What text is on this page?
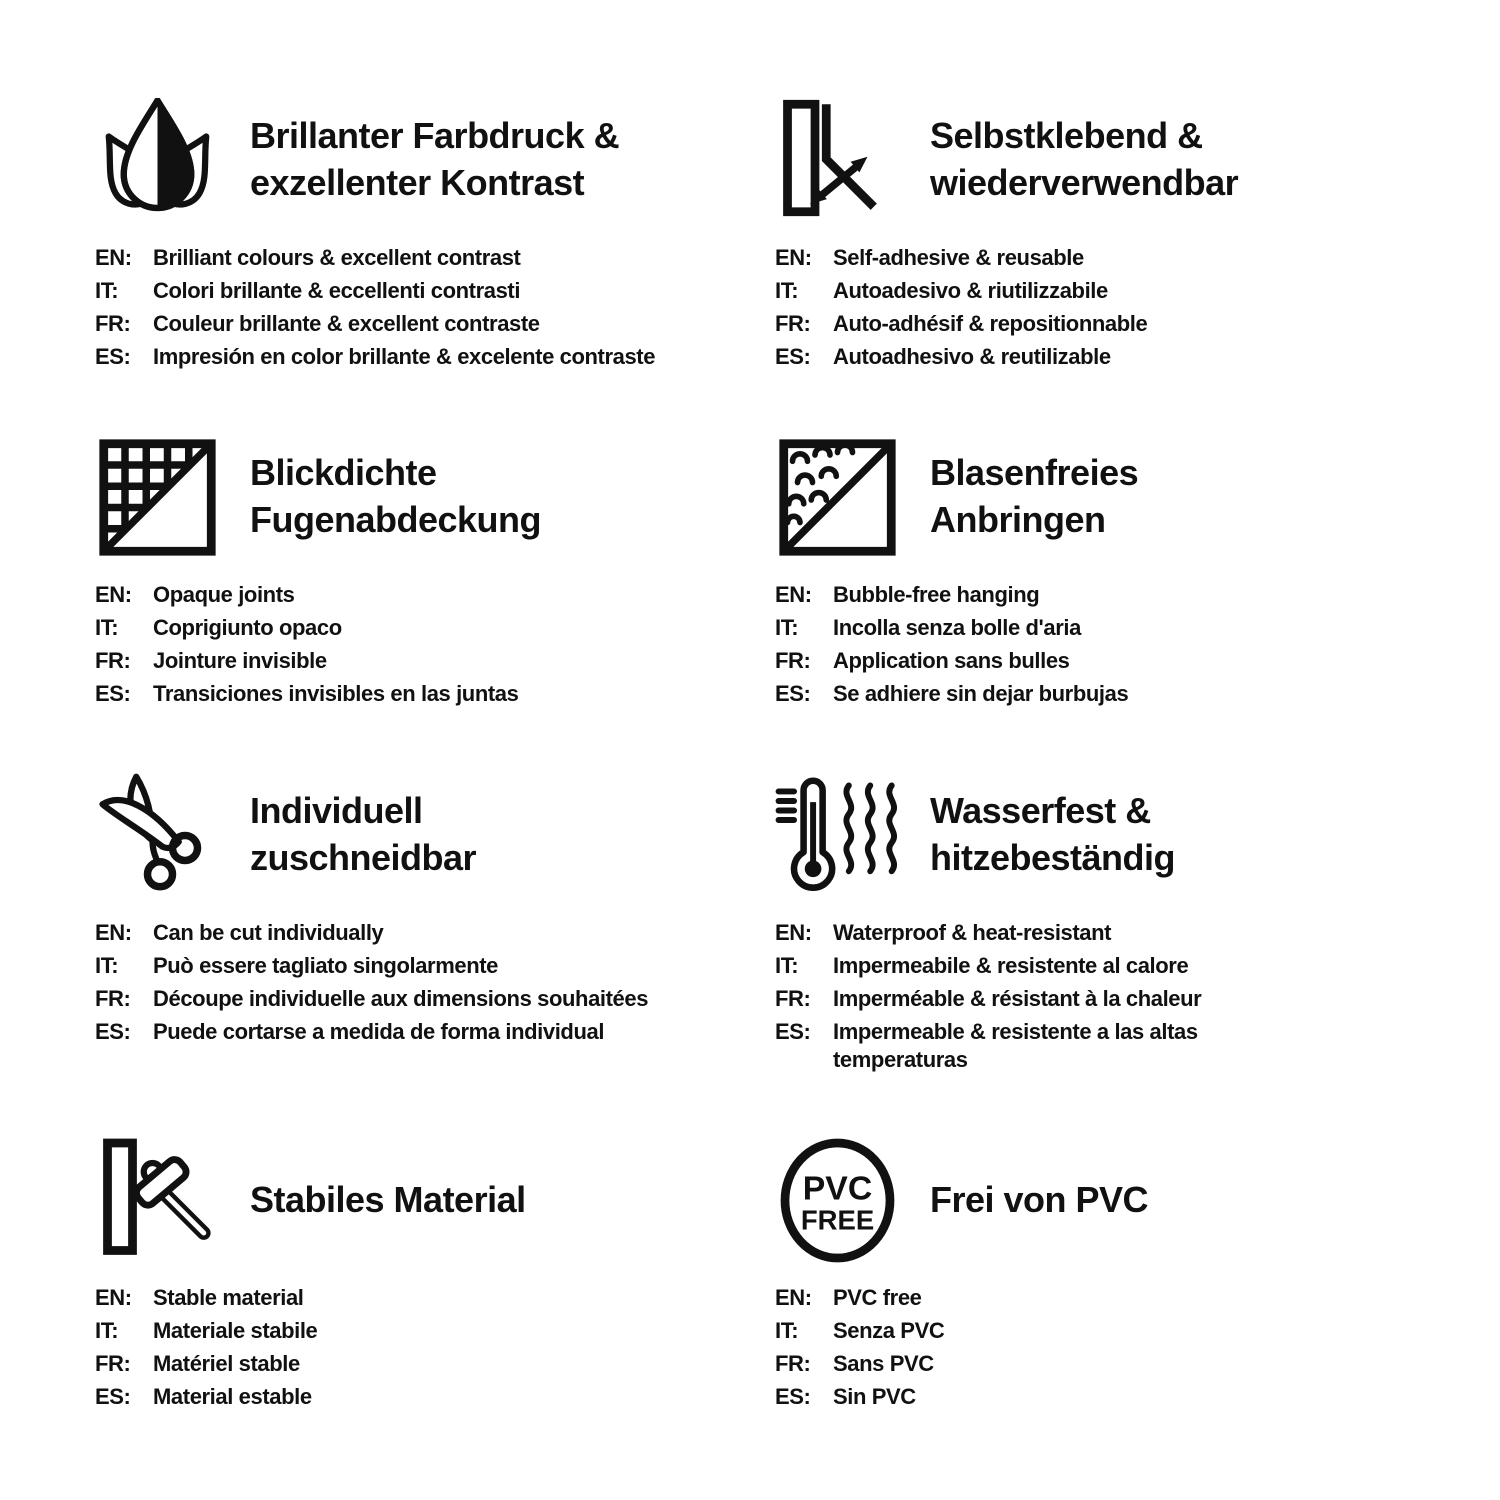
Brillanter Farbdruck &
exzellenter Kontrast
EN: Brilliant colours & excellent contrast
IT:	Colori brillante & eccellenti contrasti
FR:	Couleur brillante & excellent contraste
ES:	Impresión en color brillante & excelente contraste
Selbstklebend &
wiederverwendbar
EN: Self-adhesive & reusable
IT:	Autoadesivo & riutilizzabile
FR:	Auto-adhésif & repositionnable
ES:	Autoadhesivo & reutilizable
Blickdichte
Fugenabdeckung
EN: Opaque joints
IT:	Coprigiunto opaco
FR:	Jointure invisible
ES:	Transiciones invisibles en las juntas
Blasenfreies
Anbringen
EN: Bubble-free hanging
IT:	Incolla senza bolle d'aria
FR:	Application sans bulles
ES:	Se adhiere sin dejar burbujas
Individuell
zuschneidbar
EN: Can be cut individually
IT:	Può essere tagliato singolarmente
FR:	Découpe individuelle aux dimensions souhaitées
ES:	Puede cortarse a medida de forma individual
Wasserfest &
hitzebeständig
EN: Waterproof & heat-resistant
IT:	Impermeabile & resistente al calore
FR:	Imperméable & résistant à la chaleur
ES:	Impermeable & resistente a las altas temperaturas
Stabiles Material
EN: Stable material
IT:	Materiale stabile
FR:	Matériel stable
ES:	Material estable
PVC
FREE Frei von PVC
EN: PVC free
IT:	Senza PVC
FR:	Sans PVC
ES:	Sin PVC
